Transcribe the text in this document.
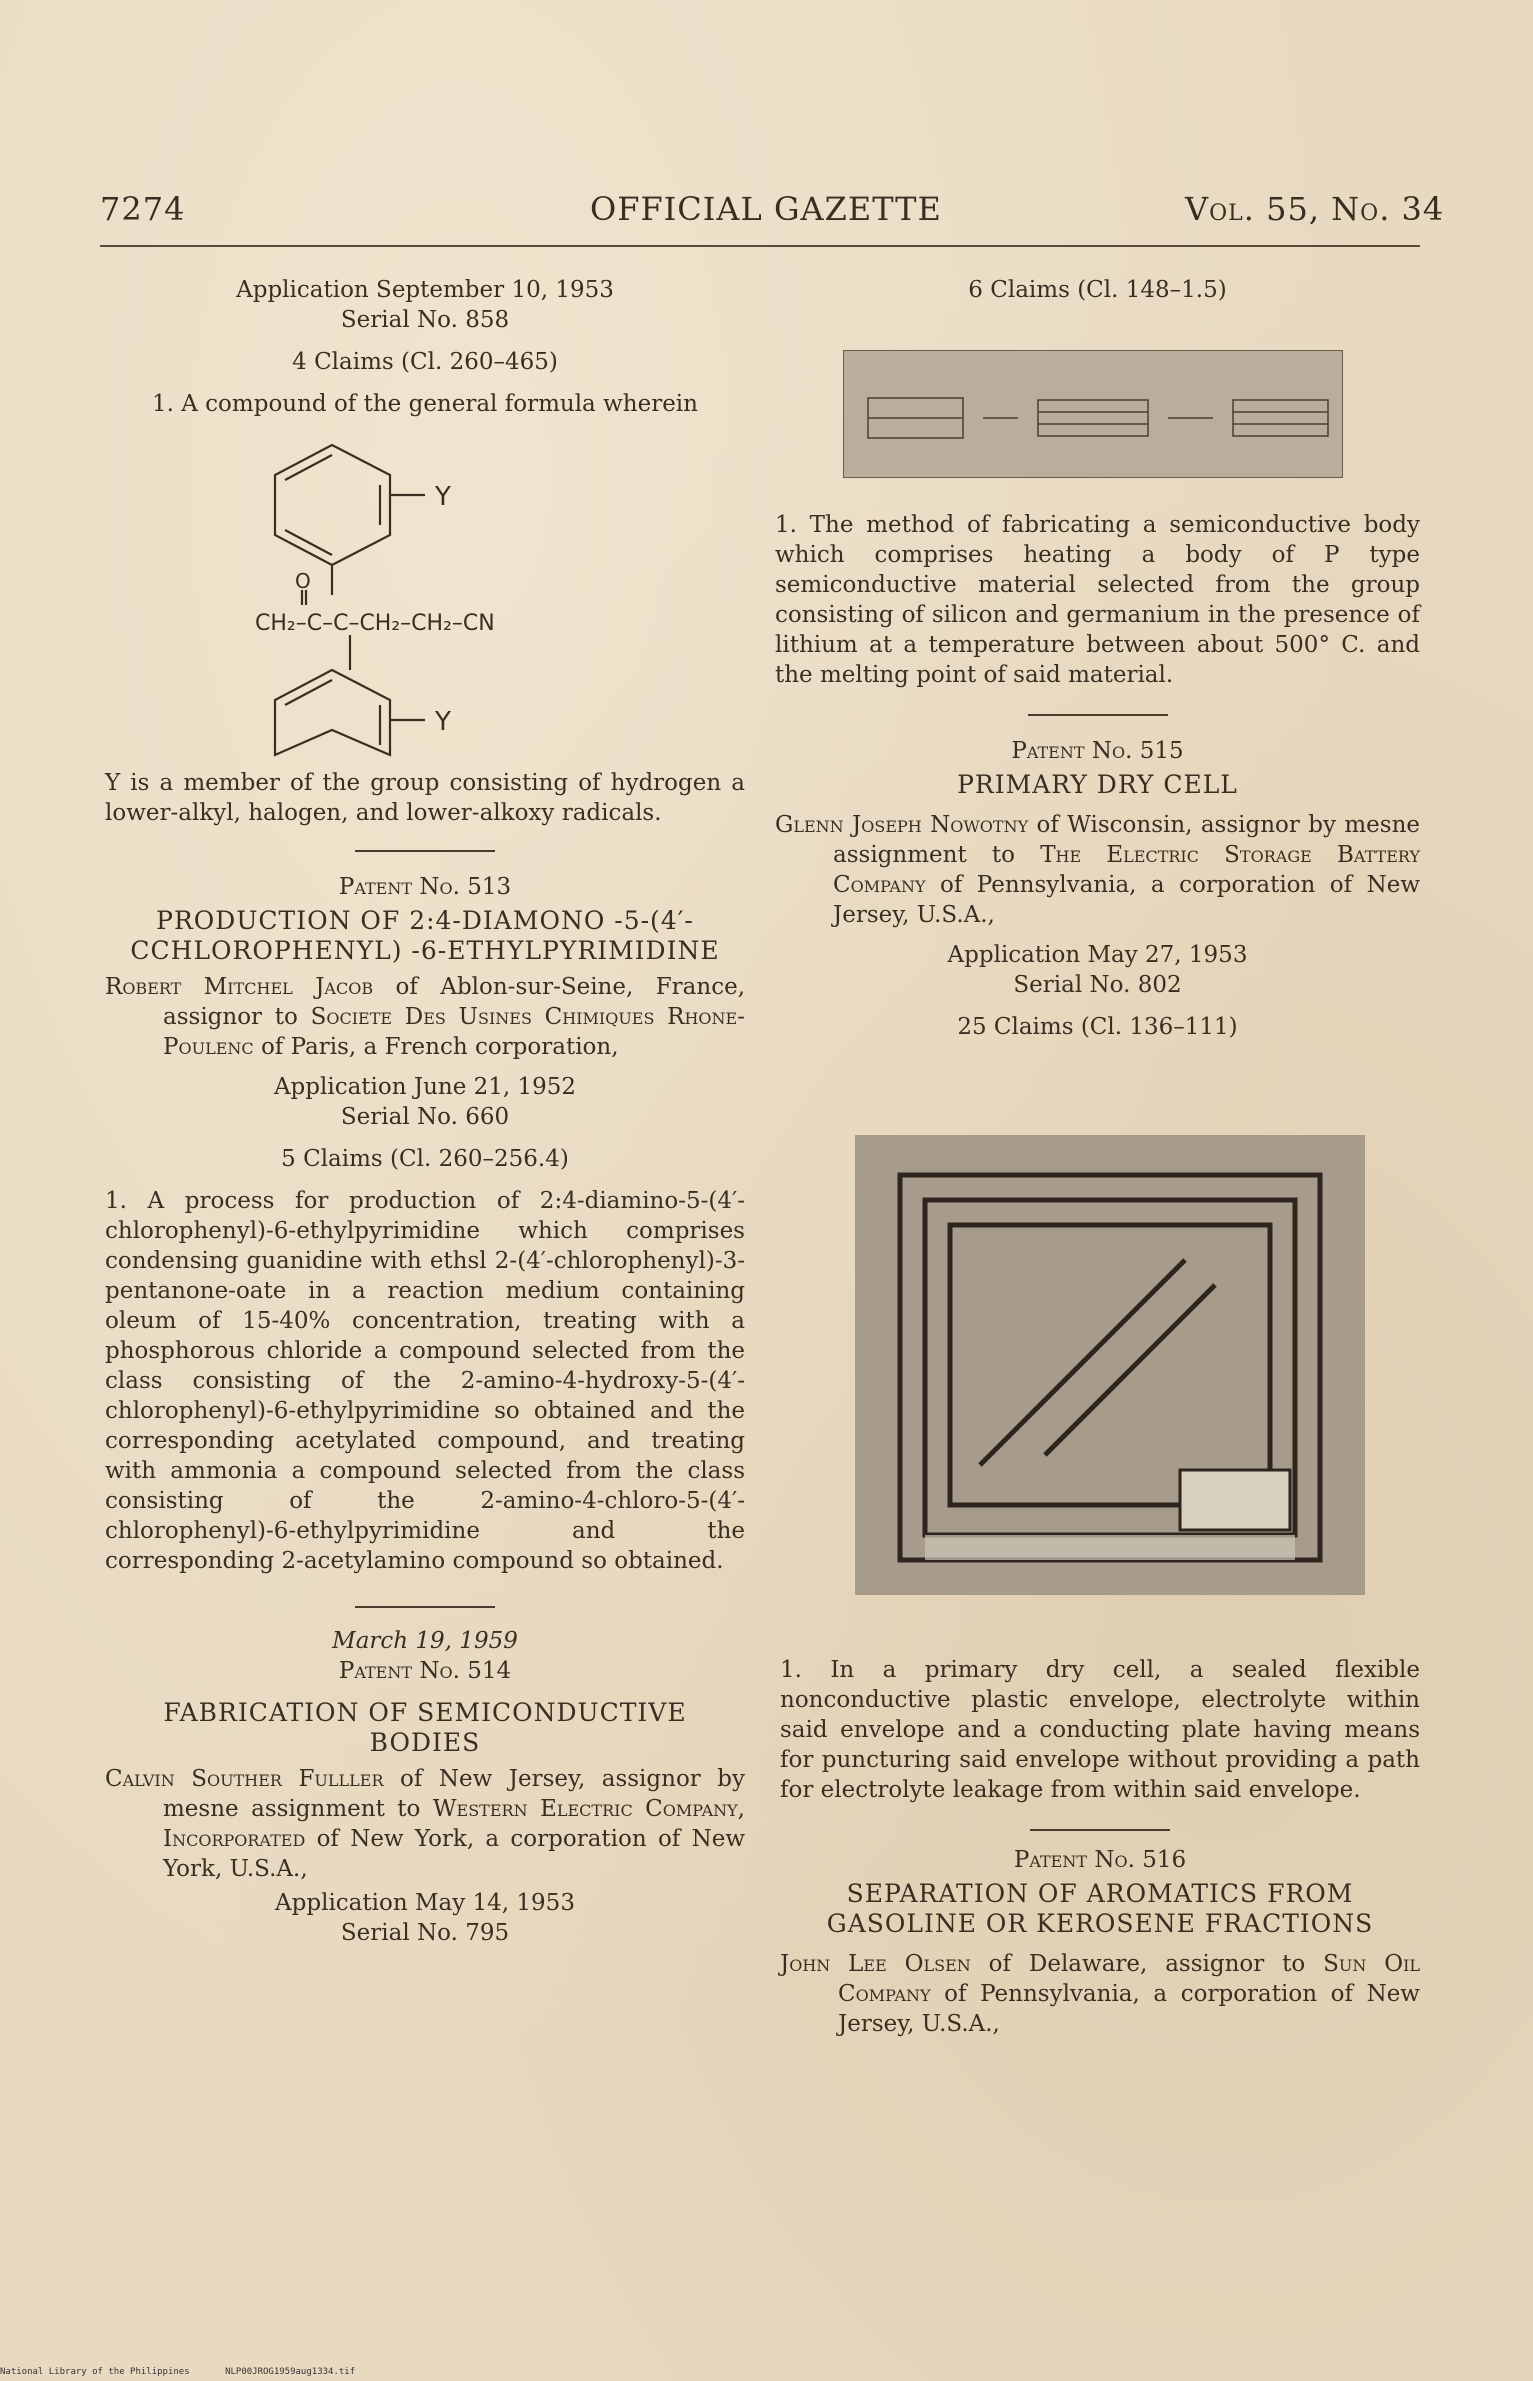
7274	OFFICIAL GAZETTE	Vol. 55, No. 34

Application September 10, 1953

Serial No. 858

4 Claims (Cl. 260–465)

1. A compound of the general formula wherein

Y
Y
O
CH₂–C–C–CH₂–CH₂–CN

Y is a member of the group consisting of hydrogen a lower-alkyl, halogen, and lower-alkoxy radicals.

Patent No. 513

PRODUCTION OF 2:4-DIAMONO -5-(4′-CCHLOROPHENYL) -6-ETHYLPYRIMIDINE

Robert Mitchel Jacob of Ablon-sur-Seine, France, assignor to Societe Des Usines Chimiques Rhone-Poulenc of Paris, a French corporation,

Application June 21, 1952

Serial No. 660

5 Claims (Cl. 260–256.4)

1. A process for production of 2:4-diamino-5-(4′-chlorophenyl)-6-ethylpyrimidine which comprises condensing guanidine with ethsl 2-(4′-chlorophenyl)-3-pentanone-oate in a reaction medium containing oleum of 15-40% concentration, treating with a phosphorous chloride a compound selected from the class consisting of the 2-amino-4-hydroxy-5-(4′-chlorophenyl)-6-ethylpyrimidine so obtained and the corresponding acetylated compound, and treating with ammonia a compound selected from the class consisting of the 2-amino-4-chloro-5-(4′-chlorophenyl)-6-ethylpyrimidine and the corresponding 2-acetylamino compound so obtained.

March 19, 1959

Patent No. 514

FABRICATION OF SEMICONDUCTIVE BODIES

Calvin Souther Fulller of New Jersey, assignor by mesne assignment to Western Electric Company, Incorporated of New York, a corporation of New York, U.S.A.,

Application May 14, 1953

Serial No. 795

6 Claims (Cl. 148–1.5)

1. The method of fabricating a semiconductive body which comprises heating a body of P type semiconductive material selected from the group consisting of silicon and germanium in the presence of lithium at a temperature between about 500° C. and the melting point of said material.

Patent No. 515

PRIMARY DRY CELL

Glenn Joseph Nowotny of Wisconsin, assignor by mesne assignment to The Electric Storage Battery Company of Pennsylvania, a corporation of New Jersey, U.S.A.,

Application May 27, 1953

Serial No. 802

25 Claims (Cl. 136–111)

1. In a primary dry cell, a sealed flexible nonconductive plastic envelope, electrolyte within said envelope and a conducting plate having means for puncturing said envelope without providing a path for electrolyte leakage from within said envelope.

Patent No. 516

SEPARATION OF AROMATICS FROM GASOLINE OR KEROSENE FRACTIONS

John Lee Olsen of Delaware, assignor to Sun Oil Company of Pennsylvania, a corporation of New Jersey, U.S.A.,

National Library of the Philippines	NLP00JROG1959aug1334.tif
